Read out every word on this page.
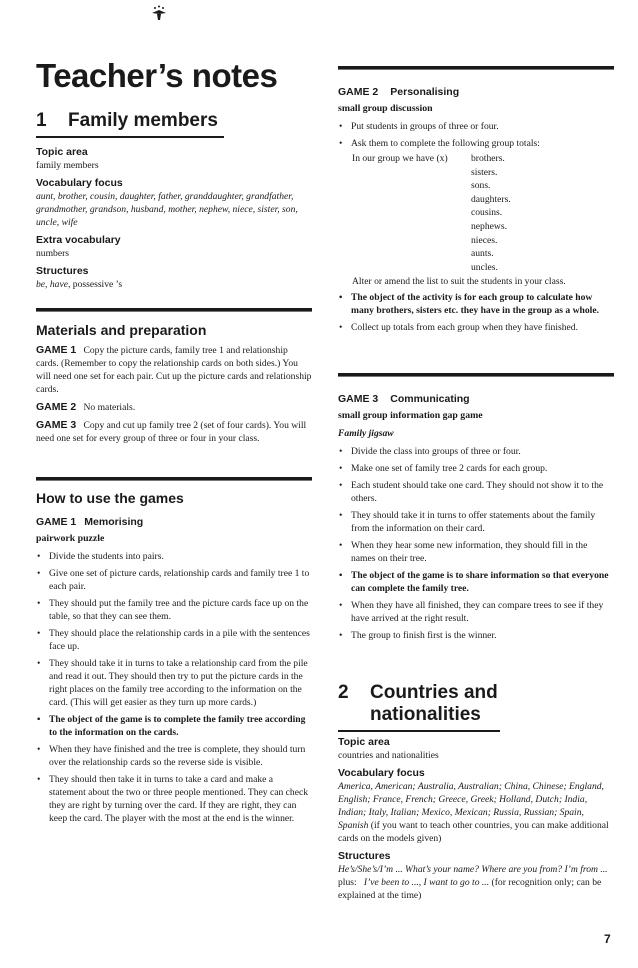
Teacher’s notes
1 Family members
Topic area
family members
Vocabulary focus
aunt, brother, cousin, daughter, father, granddaughter, grandfather, grandmother, grandson, husband, mother, nephew, niece, sister, son, uncle, wife
Extra vocabulary
numbers
Structures
be, have, possessive ’s
Materials and preparation
GAME 1 Copy the picture cards, family tree 1 and relationship cards. (Remember to copy the relationship cards on both sides.) You will need one set for each pair. Cut up the picture cards and relationship cards.
GAME 2 No materials.
GAME 3 Copy and cut up family tree 2 (set of four cards). You will need one set for every group of three or four in your class.
How to use the games
GAME 1 Memorising
pairwork puzzle
• Divide the students into pairs.
• Give one set of picture cards, relationship cards and family tree 1 to each pair.
• They should put the family tree and the picture cards face up on the table, so that they can see them.
• They should place the relationship cards in a pile with the sentences face up.
• They should take it in turns to take a relationship card from the pile and read it out. They should then try to put the picture cards in the right places on the family tree according to the information on the card. (This will get easier as they turn up more cards.)
• The object of the game is to complete the family tree according to the information on the cards.
• When they have finished and the tree is complete, they should turn over the relationship cards so the reverse side is visible.
• They should then take it in turns to take a card and make a statement about the two or three people mentioned. They can check they are right by turning over the card. If they are right, they can keep the card. The player with the most at the end is the winner.
GAME 2 Personalising
small group discussion
• Put students in groups of three or four.
• Ask them to complete the following group totals:
In our group we have (x) brothers.
sisters.
sons.
daughters.
cousins.
nephews.
nieces.
aunts.
uncles.
Alter or amend the list to suit the students in your class.
• The object of the activity is for each group to calculate how many brothers, sisters etc. they have in the group as a whole.
• Collect up totals from each group when they have finished.
GAME 3 Communicating
small group information gap game
Family jigsaw
• Divide the class into groups of three or four.
• Make one set of family tree 2 cards for each group.
• Each student should take one card. They should not show it to the others.
• They should take it in turns to offer statements about the family from the information on their card.
• When they hear some new information, they should fill in the names on their tree.
• The object of the game is to share information so that everyone can complete the family tree.
• When they have all finished, they can compare trees to see if they have arrived at the right result.
• The group to finish first is the winner.
2 Countries and
nationalities
Topic area
countries and nationalities
Vocabulary focus
America, American; Australia, Australian; China, Chinese; England, English; France, French; Greece, Greek; Holland, Dutch; India, Indian; Italy, Italian; Mexico, Mexican; Russia, Russian; Spain, Spanish (if you want to teach other countries, you can make additional cards on the models given)
Structures
He’s/She’s/I’m ... What’s your name? Where are you from? I’m from ...
plus: I’ve been to ..., I want to go to ... (for recognition only; can be explained at the time)
7
